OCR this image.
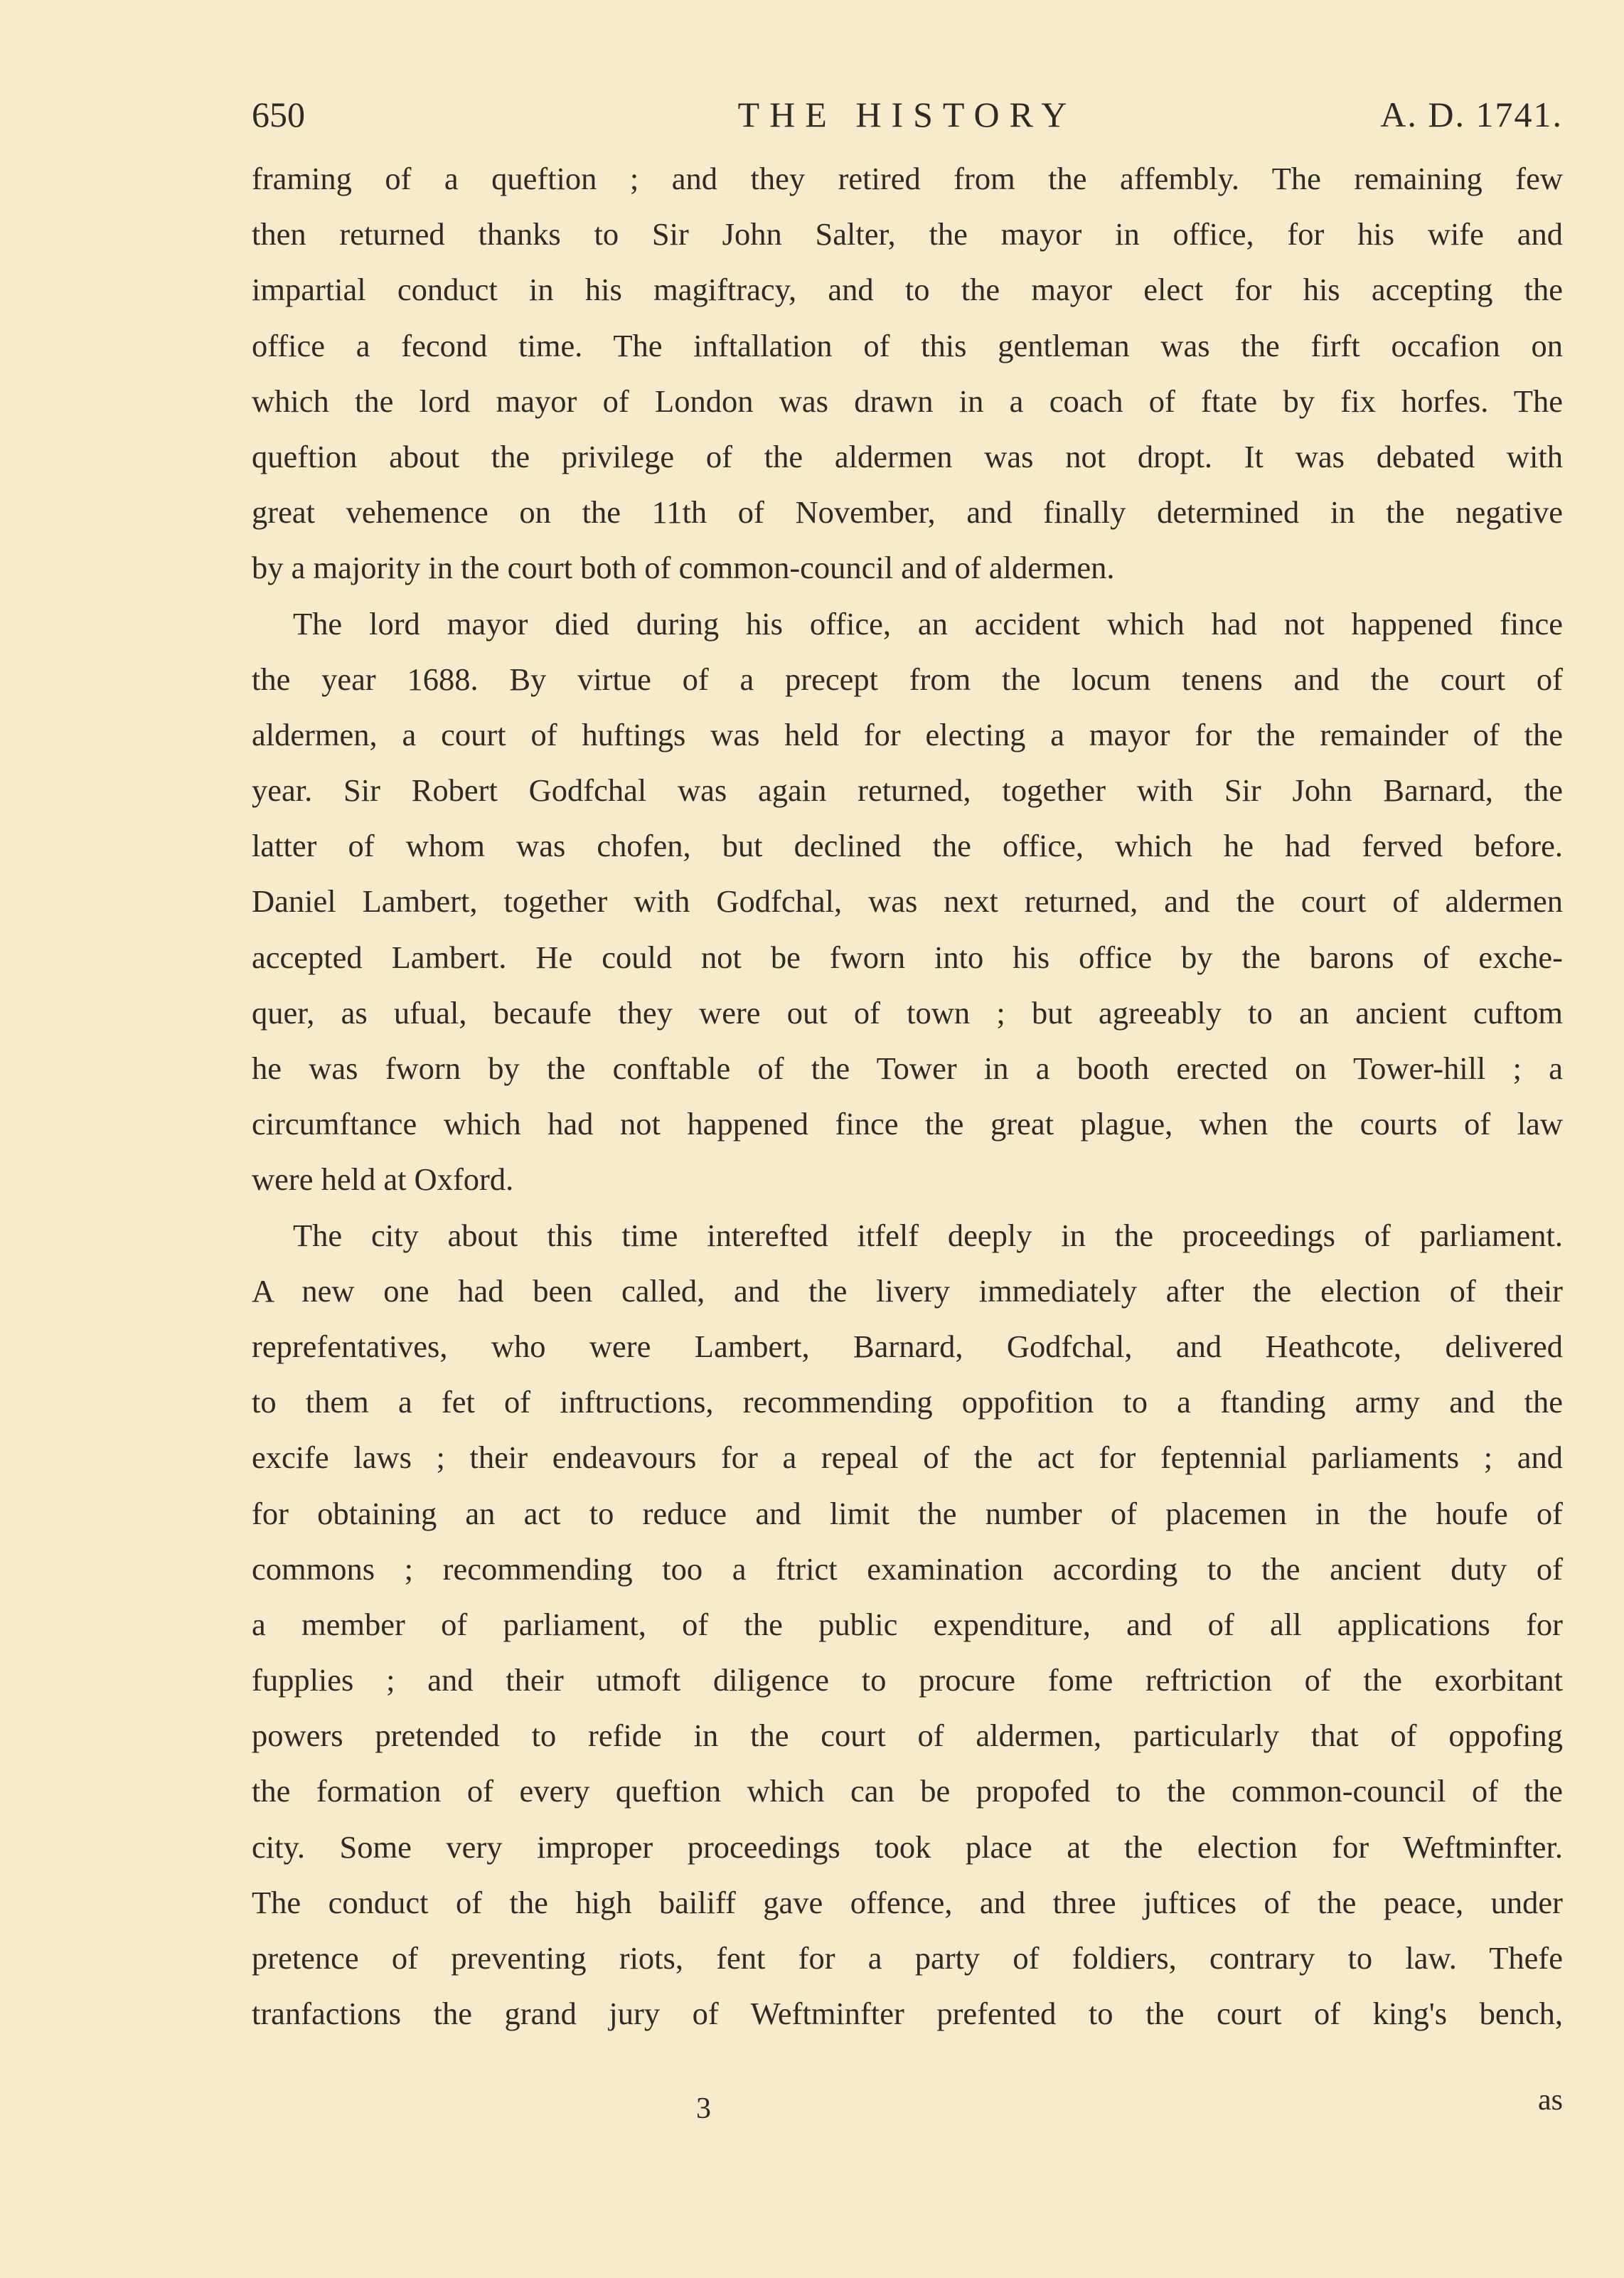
650	THE HISTORY	A. D. 1741.
framing of a queftion ; and they retired from the affembly. The remaining few
then returned thanks to Sir John Salter, the mayor in office, for his wife and
impartial conduct in his magiftracy, and to the mayor elect for his accepting the
office a fecond time. The inftallation of this gentleman was the firft occafion on
which the lord mayor of London was drawn in a coach of ftate by fix horfes. The
queftion about the privilege of the aldermen was not dropt. It was debated with
great vehemence on the 11th of November, and finally determined in the negative
by a majority in the court both of common-council and of aldermen.
The lord mayor died during his office, an accident which had not happened fince
the year 1688. By virtue of a precept from the locum tenens and the court of
aldermen, a court of huftings was held for electing a mayor for the remainder of the
year. Sir Robert Godfchal was again returned, together with Sir John Barnard, the
latter of whom was chofen, but declined the office, which he had ferved before.
Daniel Lambert, together with Godfchal, was next returned, and the court of aldermen
accepted Lambert. He could not be fworn into his office by the barons of exche-
quer, as ufual, becaufe they were out of town ; but agreeably to an ancient cuftom
he was fworn by the conftable of the Tower in a booth erected on Tower-hill ; a
circumftance which had not happened fince the great plague, when the courts of law
were held at Oxford.
The city about this time interefted itfelf deeply in the proceedings of parliament.
A new one had been called, and the livery immediately after the election of their
reprefentatives, who were Lambert, Barnard, Godfchal, and Heathcote, delivered
to them a fet of inftructions, recommending oppofition to a ftanding army and the
excife laws ; their endeavours for a repeal of the act for feptennial parliaments ; and
for obtaining an act to reduce and limit the number of placemen in the houfe of
commons ; recommending too a ftrict examination according to the ancient duty of
a member of parliament, of the public expenditure, and of all applications for
fupplies ; and their utmoft diligence to procure fome reftriction of the exorbitant
powers pretended to refide in the court of aldermen, particularly that of oppofing
the formation of every queftion which can be propofed to the common-council of the
city. Some very improper proceedings took place at the election for Weftminfter.
The conduct of the high bailiff gave offence, and three juftices of the peace, under
pretence of preventing riots, fent for a party of foldiers, contrary to law. Thefe
tranfactions the grand jury of Weftminfter prefented to the court of king's bench,
3	as
